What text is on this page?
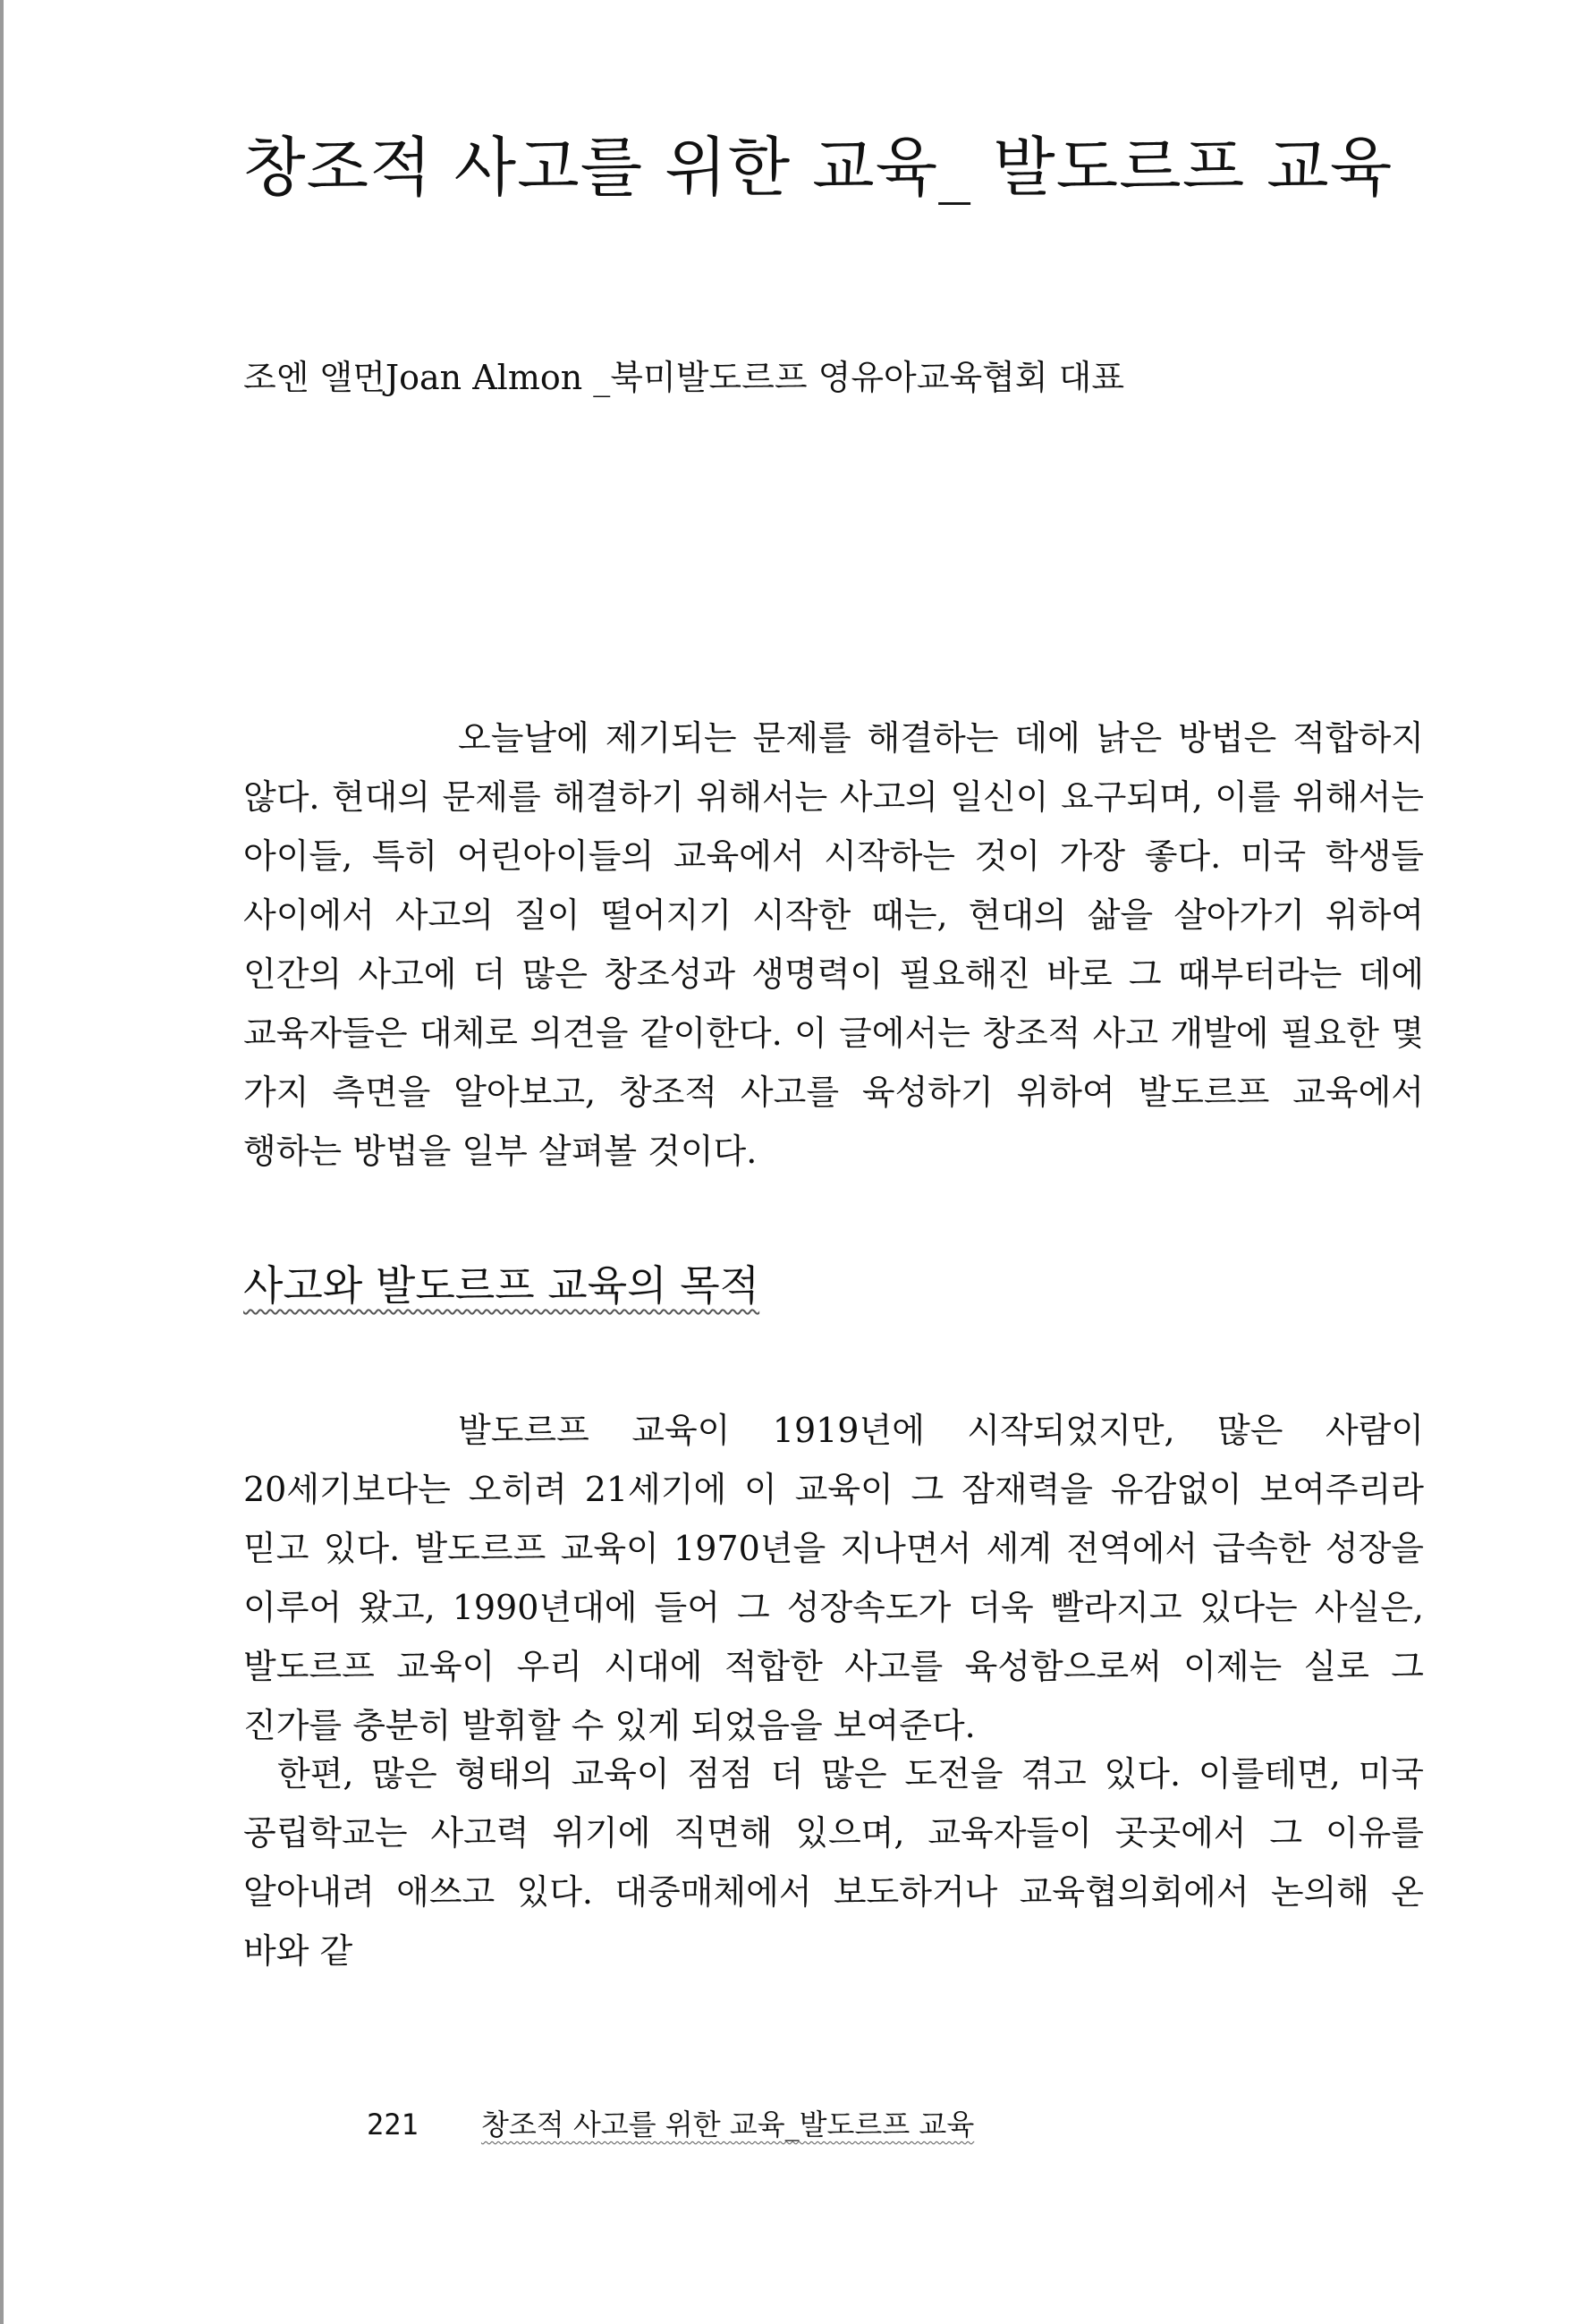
창조적 사고를 위한 교육_ 발도르프 교육

조엔 앨먼Joan Almon _북미발도르프 영유아교육협회 대표

오늘날에 제기되는 문제를 해결하는 데에 낡은 방법은 적합하지 않다. 현대의 문제를 해결하기 위해서는 사고의 일신이 요구되며, 이를 위해서는 아이들, 특히 어린아이들의 교육에서 시작하는 것이 가장 좋다. 미국 학생들 사이에서 사고의 질이 떨어지기 시작한 때는, 현대의 삶을 살아가기 위하여 인간의 사고에 더 많은 창조성과 생명력이 필요해진 바로 그 때부터라는 데에 교육자들은 대체로 의견을 같이한다. 이 글에서는 창조적 사고 개발에 필요한 몇 가지 측면을 알아보고, 창조적 사고를 육성하기 위하여 발도르프 교육에서 행하는 방법을 일부 살펴볼 것이다.

사고와 발도르프 교육의 목적

발도르프 교육이 1919년에 시작되었지만, 많은 사람이 20세기보다는 오히려 21세기에 이 교육이 그 잠재력을 유감없이 보여주리라 믿고 있다. 발도르프 교육이 1970년을 지나면서 세계 전역에서 급속한 성장을 이루어 왔고, 1990년대에 들어 그 성장속도가 더욱 빨라지고 있다는 사실은, 발도르프 교육이 우리 시대에 적합한 사고를 육성함으로써 이제는 실로 그 진가를 충분히 발휘할 수 있게 되었음을 보여준다.

한편, 많은 형태의 교육이 점점 더 많은 도전을 겪고 있다. 이를테면, 미국 공립학교는 사고력 위기에 직면해 있으며, 교육자들이 곳곳에서 그 이유를 알아내려 애쓰고 있다. 대중매체에서 보도하거나 교육협의회에서 논의해 온 바와 같

221 창조적 사고를 위한 교육_발도르프 교육
